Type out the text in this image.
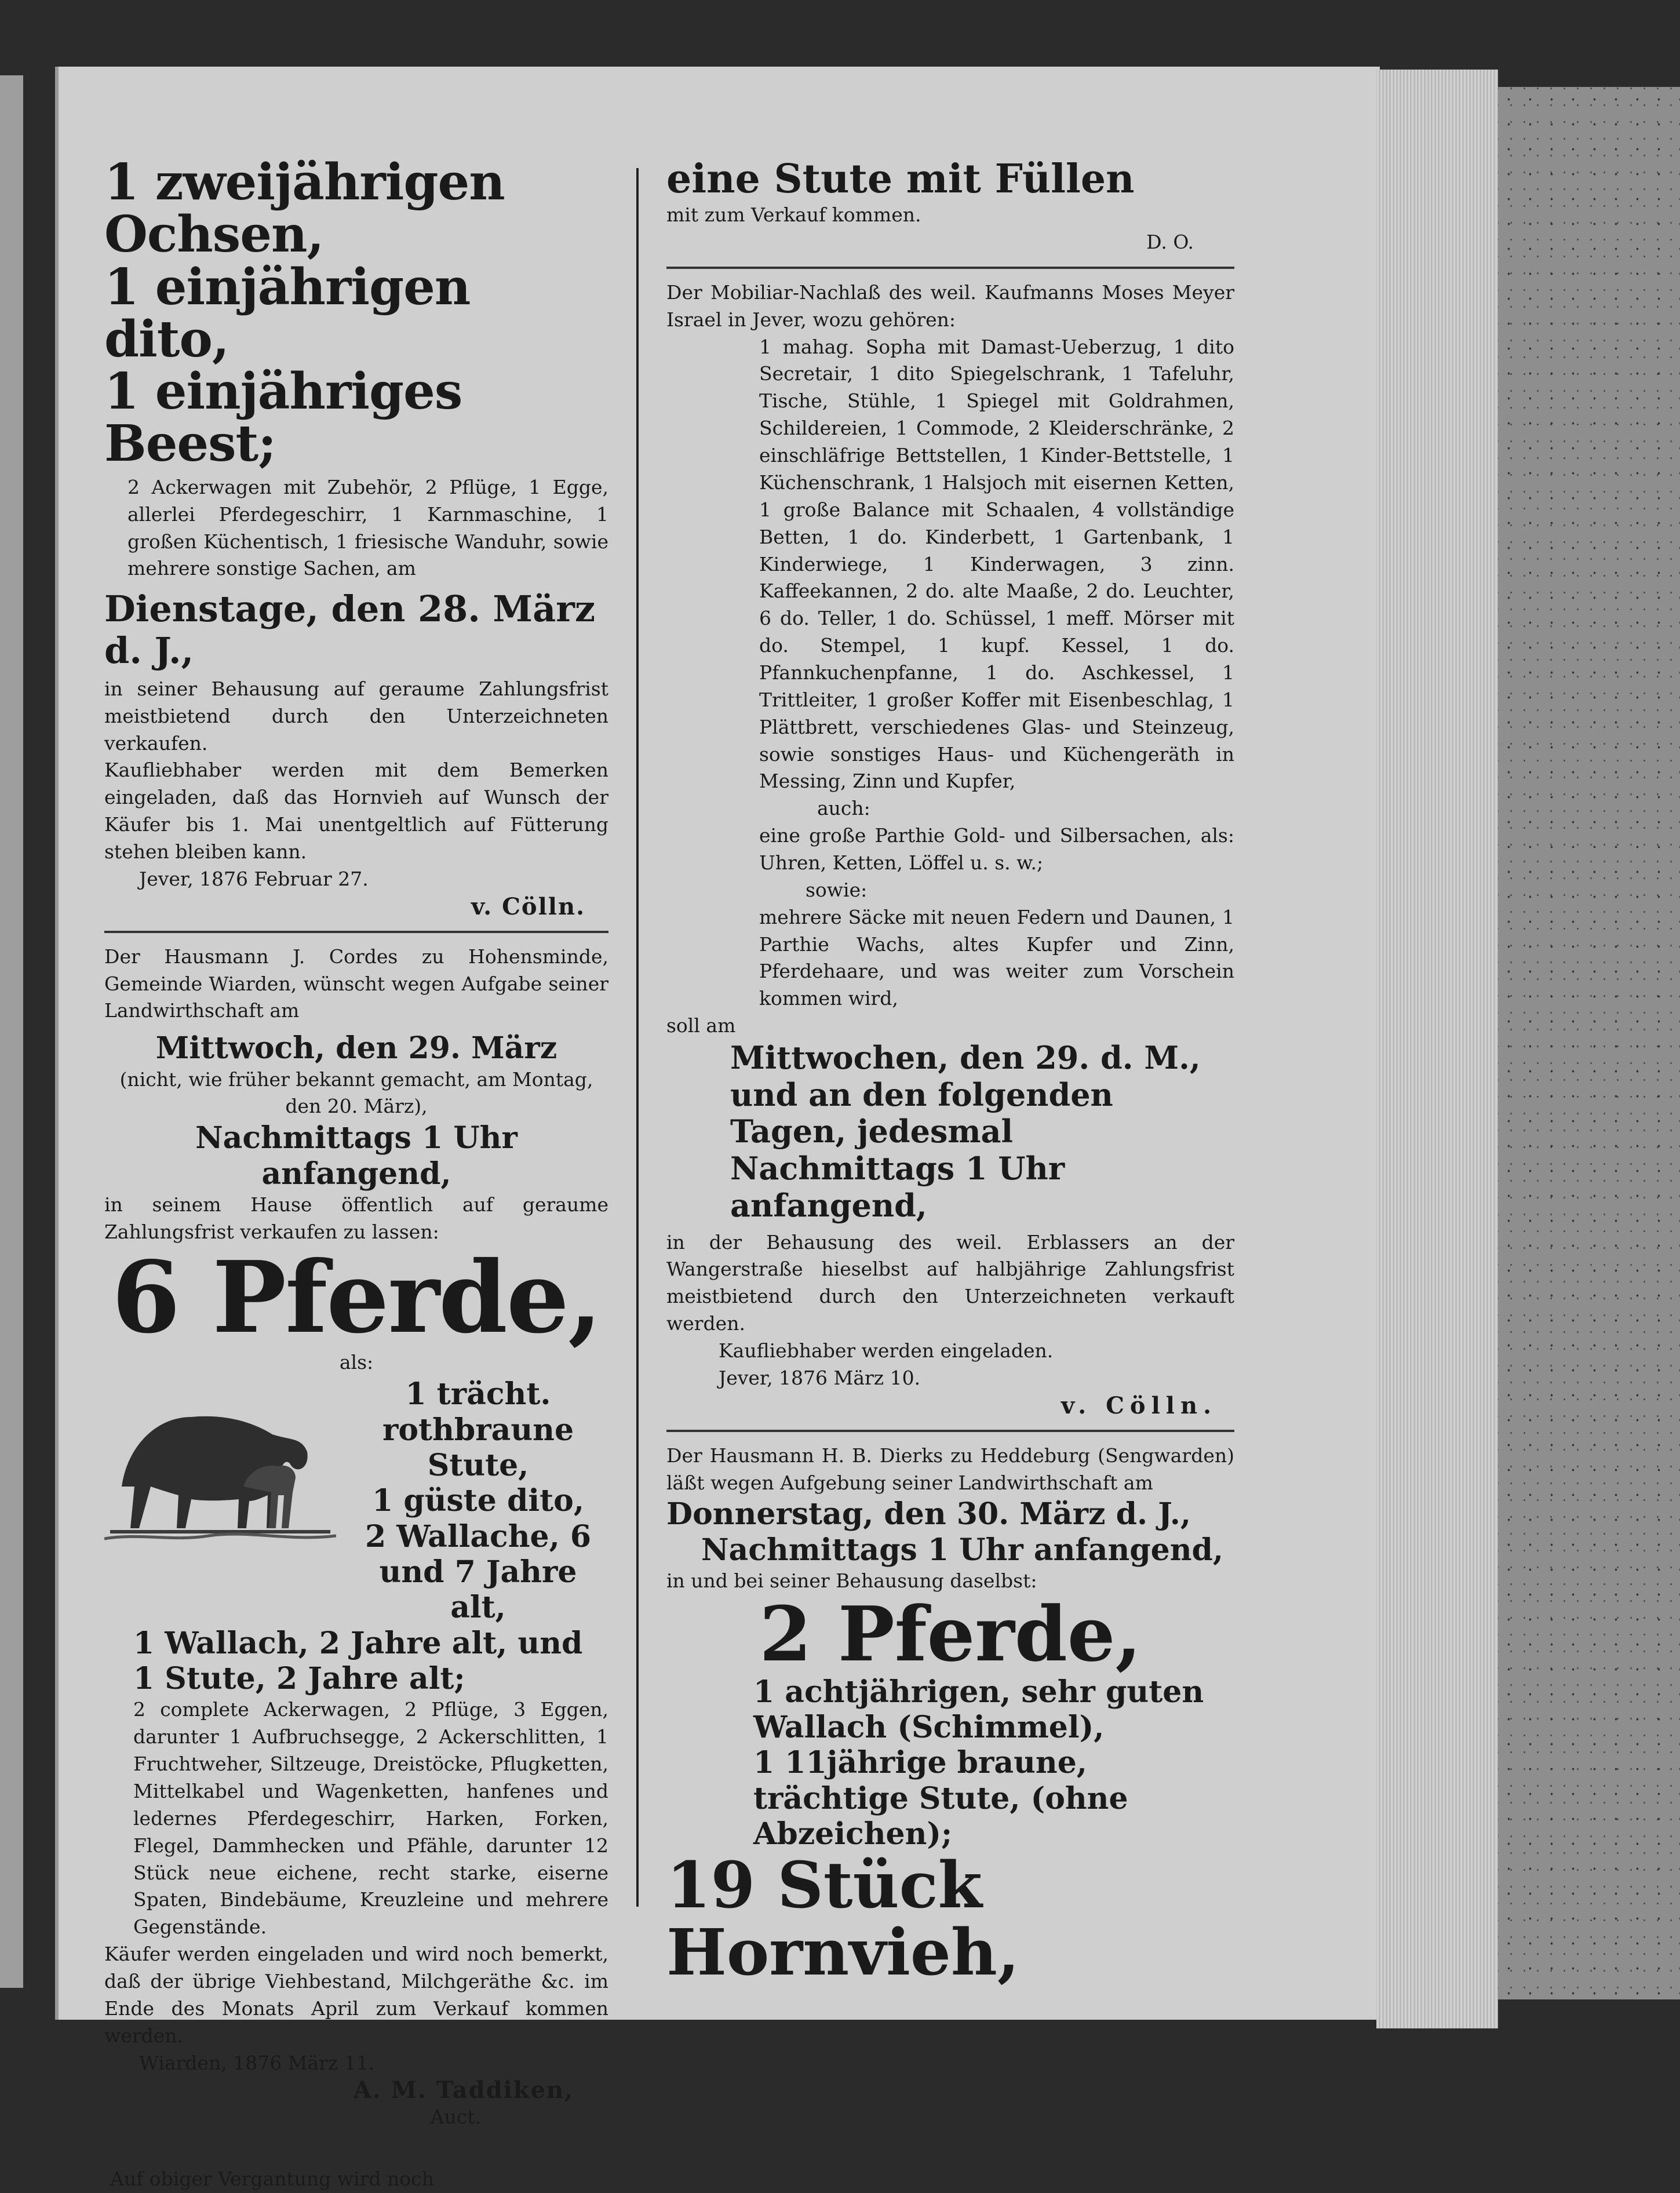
1 zweijährigen Ochsen,
1 einjährigen dito,
1 einjähriges Beest;
2 Ackerwagen mit Zubehör, 2 Pflüge, 1 Egge, allerlei Pferdegeschirr, 1 Karnmaschine, 1 großen Küchentisch, 1 friesische Wanduhr, sowie mehrere sonstige Sachen, am
Dienstage, den 28. März d. J.,
in seiner Behausung auf geraume Zahlungsfrist meistbietend durch den Unterzeichneten verkaufen.
Kaufliebhaber werden mit dem Bemerken eingeladen, daß das Hornvieh auf Wunsch der Käufer bis 1. Mai unentgeltlich auf Fütterung stehen bleiben kann.
Jever, 1876 Februar 27.
v. Cölln.
Der Hausmann J. Cordes zu Hohensminde, Gemeinde Wiarden, wünscht wegen Aufgabe seiner Landwirthschaft am
Mittwoch, den 29. März
(nicht, wie früher bekannt gemacht, am Montag, den 20. März),
Nachmittags 1 Uhr anfangend,
in seinem Hause öffentlich auf geraume Zahlungsfrist verkaufen zu lassen:
6 Pferde,
als:
1 trächt. rothbraune Stute,
1 güste dito,
2 Wallache, 6 und 7 Jahre alt,
1 Wallach, 2 Jahre alt, und
1 Stute, 2 Jahre alt;
2 complete Ackerwagen, 2 Pflüge, 3 Eggen, darunter 1 Aufbruchsegge, 2 Ackerschlitten, 1 Fruchtweher, Siltzeuge, Dreistöcke, Pflugketten, Mittelkabel und Wagenketten, hanfenes und ledernes Pferdegeschirr, Harken, Forken, Flegel, Dammhecken und Pfähle, darunter 12 Stück neue eichene, recht starke, eiserne Spaten, Bindebäume, Kreuzleine und mehrere Gegenstände.
Käufer werden eingeladen und wird noch bemerkt, daß der übrige Viehbestand, Milchgeräthe &c. im Ende des Monats April zum Verkauf kommen werden.
Wiarden, 1876 März 11.
A. M. Taddiken,
Auct.
Auf obiger Vergantung wird noch
eine Stute mit Füllen
mit zum Verkauf kommen.
D. O.
Der Mobiliar-Nachlaß des weil. Kaufmanns Moses Meyer Israel in Jever, wozu gehören:
1 mahag. Sopha mit Damast-Ueberzug, 1 dito Secretair, 1 dito Spiegelschrank, 1 Tafeluhr, Tische, Stühle, 1 Spiegel mit Goldrahmen, Schildereien, 1 Commode, 2 Kleiderschränke, 2 einschläfrige Bettstellen, 1 Kinder-Bettstelle, 1 Küchenschrank, 1 Halsjoch mit eisernen Ketten, 1 große Balance mit Schaalen, 4 vollständige Betten, 1 do. Kinderbett, 1 Gartenbank, 1 Kinderwiege, 1 Kinderwagen, 3 zinn. Kaffeekannen, 2 do. alte Maaße, 2 do. Leuchter, 6 do. Teller, 1 do. Schüssel, 1 meff. Mörser mit do. Stempel, 1 kupf. Kessel, 1 do. Pfannkuchenpfanne, 1 do. Aschkessel, 1 Trittleiter, 1 großer Koffer mit Eisenbeschlag, 1 Plättbrett, verschiedenes Glas- und Steinzeug, sowie sonstiges Haus- und Küchengeräth in Messing, Zinn und Kupfer,
auch:
eine große Parthie Gold- und Silbersachen, als: Uhren, Ketten, Löffel u. s. w.;
sowie:
mehrere Säcke mit neuen Federn und Daunen, 1 Parthie Wachs, altes Kupfer und Zinn, Pferdehaare, und was weiter zum Vorschein kommen wird,
soll am
Mittwochen, den 29. d. M., und an den folgenden Tagen, jedesmal Nachmittags 1 Uhr anfangend,
in der Behausung des weil. Erblassers an der Wangerstraße hieselbst auf halbjährige Zahlungsfrist meistbietend durch den Unterzeichneten verkauft werden.
Kaufliebhaber werden eingeladen.
Jever, 1876 März 10.
v. Cölln.
Der Hausmann H. B. Dierks zu Heddeburg (Sengwarden) läßt wegen Aufgebung seiner Landwirthschaft am
Donnerstag, den 30. März d. J.,
Nachmittags 1 Uhr anfangend,
in und bei seiner Behausung daselbst:
2 Pferde,
1 achtjährigen, sehr guten Wallach (Schimmel),
1 11jährige braune, trächtige Stute, (ohne Abzeichen);
19 Stück Hornvieh,
